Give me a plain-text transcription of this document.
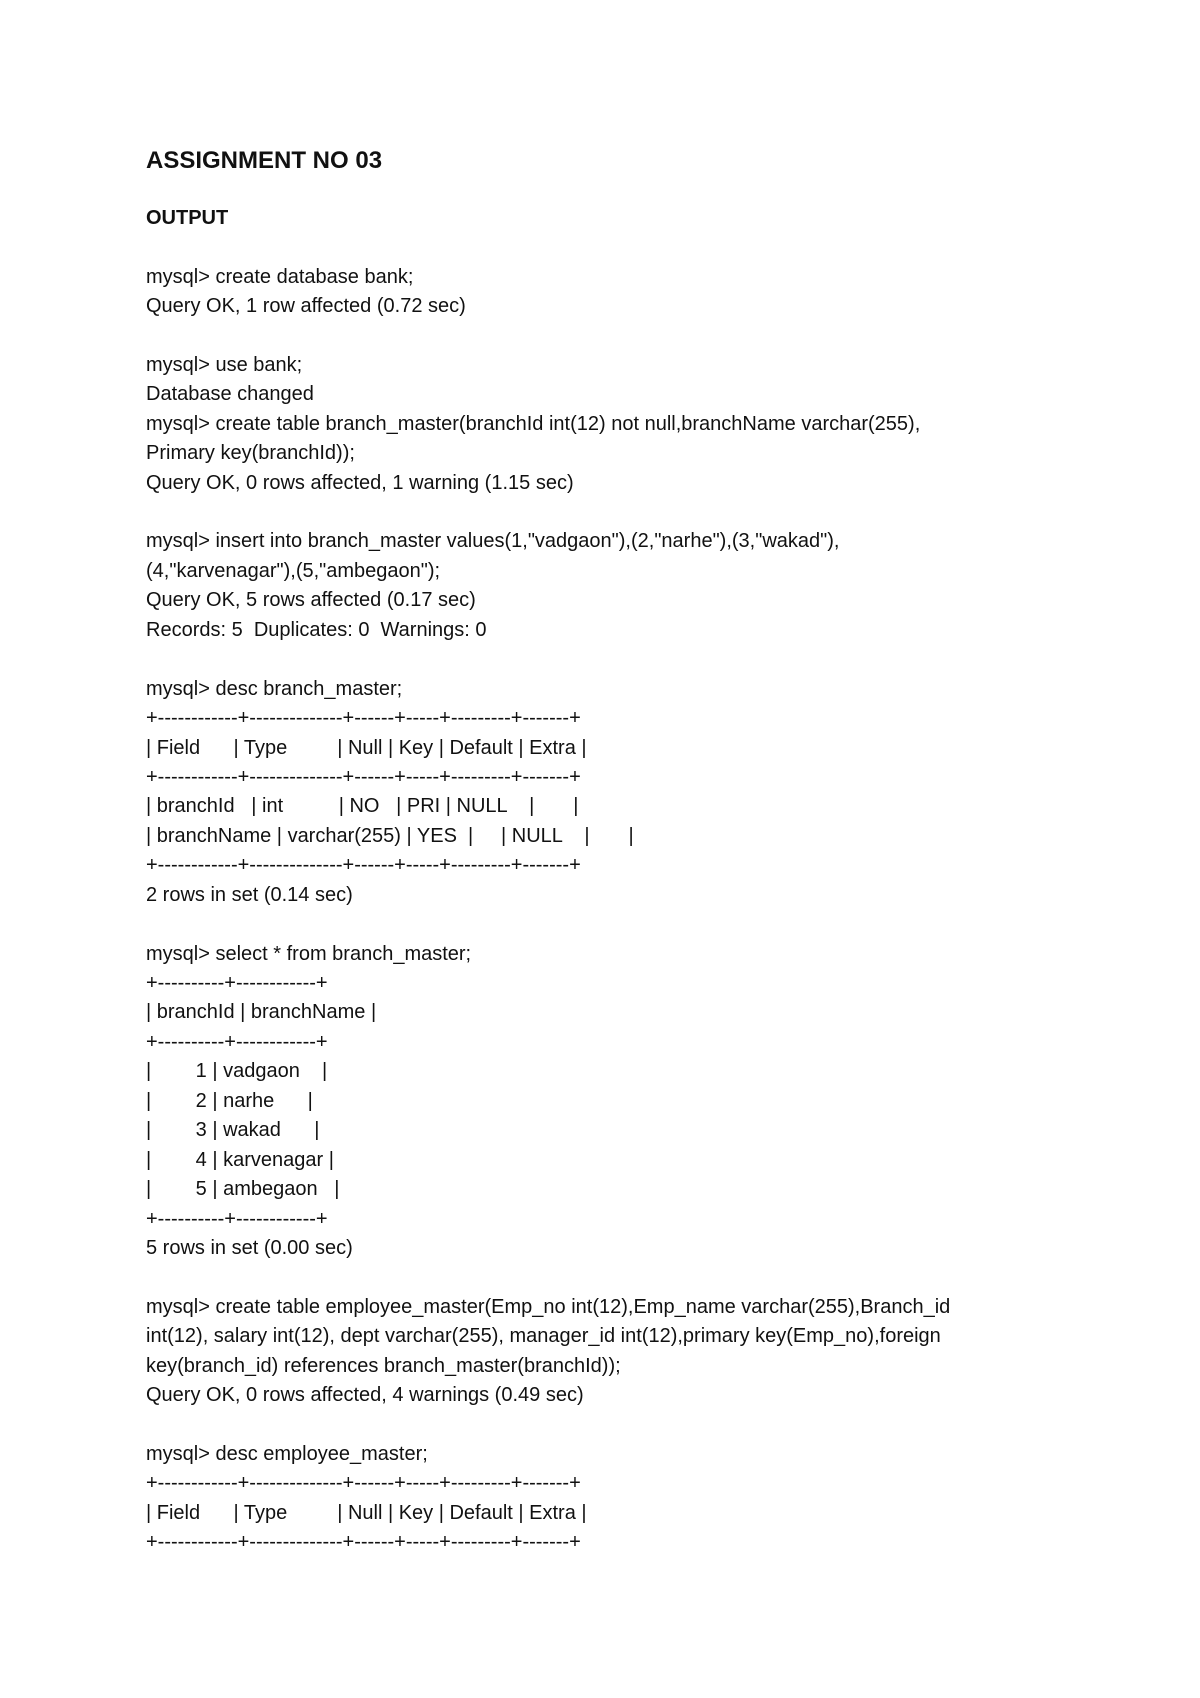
ASSIGNMENT NO 03
OUTPUT
mysql> create database bank;
Query OK, 1 row affected (0.72 sec)
mysql> use bank;
Database changed
mysql> create table branch_master(branchId int(12) not null,branchName varchar(255),
Primary key(branchId));
Query OK, 0 rows affected, 1 warning (1.15 sec)
mysql> insert into branch_master values(1,"vadgaon"),(2,"narhe"),(3,"wakad"),
(4,"karvenagar"),(5,"ambegaon");
Query OK, 5 rows affected (0.17 sec)
Records: 5  Duplicates: 0  Warnings: 0
mysql> desc branch_master;
+------------+--------------+------+-----+---------+-------+
| Field      | Type         | Null | Key | Default | Extra |
+------------+--------------+------+-----+---------+-------+
| branchId   | int          | NO   | PRI | NULL    |       |
| branchName | varchar(255) | YES  |     | NULL    |       |
+------------+--------------+------+-----+---------+-------+
2 rows in set (0.14 sec)
mysql> select * from branch_master;
+----------+------------+
| branchId | branchName |
+----------+------------+
|        1 | vadgaon    |
|        2 | narhe      |
|        3 | wakad      |
|        4 | karvenagar |
|        5 | ambegaon   |
+----------+------------+
5 rows in set (0.00 sec)
mysql> create table employee_master(Emp_no int(12),Emp_name varchar(255),Branch_id
int(12), salary int(12), dept varchar(255), manager_id int(12),primary key(Emp_no),foreign
key(branch_id) references branch_master(branchId));
Query OK, 0 rows affected, 4 warnings (0.49 sec)
mysql> desc employee_master;
+------------+--------------+------+-----+---------+-------+
| Field      | Type         | Null | Key | Default | Extra |
+------------+--------------+------+-----+---------+-------+
